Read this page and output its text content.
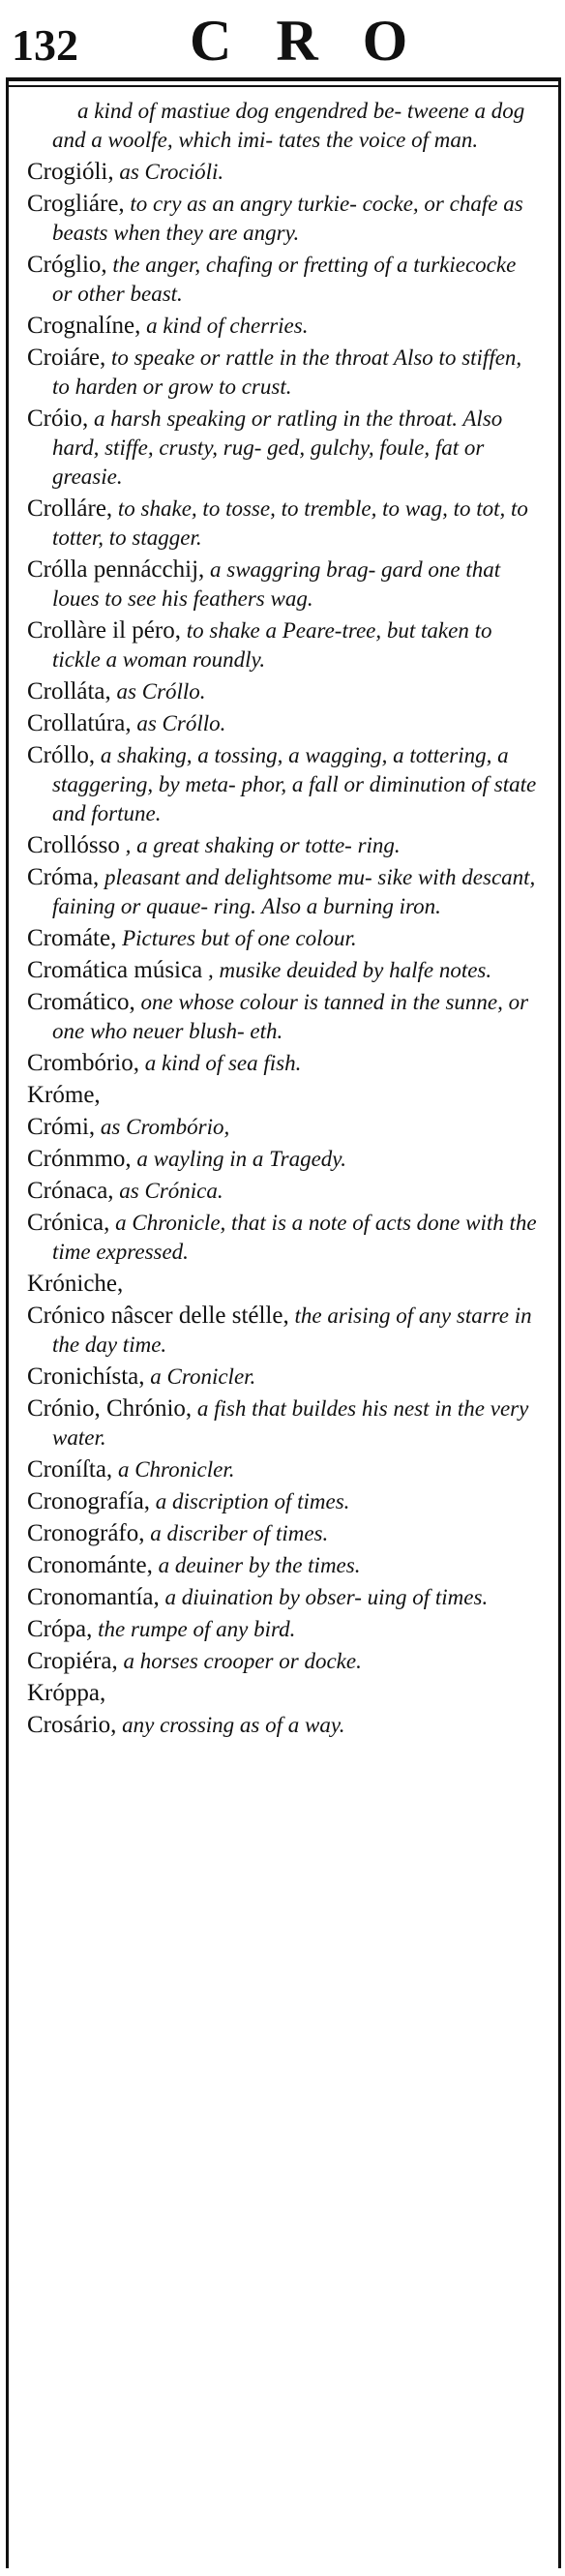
132 CRO
a kind of mastiue dog engendred be- tweene a dog and a woolfe, which imi- tates the voice of man.
Crogióli, as Crocióli.
Crogliáre, to cry as an angry turkie- cocke, or chafe as beasts when they are angry.
Cróglio, the anger, chafing or fretting of a turkiecocke or other beast.
Crognalíne, a kind of cherries.
Croiáre, to speake or rattle in the throat Also to stiffen, to harden or grow to crust.
Cróio, a harsh speaking or ratling in the throat. Also hard, stiffe, crusty, rug- ged, gulchy, foule, fat or greasie.
Crolláre, to shake, to tosse, to tremble, to wag, to tot, to totter, to stagger.
Crólla pennácchij, a swaggring brag- gard one that loues to see his feathers wag.
Crollàre il péro, to shake a Peare-tree, but taken to tickle a woman roundly.
Crolláta, as Cróllo.
Crollatúra, as Cróllo.
Cróllo, a shaking, a tossing, a wagging, a tottering, a staggering, by meta- phor, a fall or diminution of state and fortune.
Crollósso , a great shaking or totte- ring.
Cróma, pleasant and delightsome mu- sike with descant, faining or quaue- ring. Also a burning iron.
Cromáte, Pictures but of one colour.
Cromática música , musike deuided by halfe notes.
Cromático, one whose colour is tanned in the sunne, or one who neuer blush- eth.
Crombório, a kind of sea fish.
Króme,
Crómi, as Crombório,
Crónmmo, a wayling in a Tragedy.
Crónaca, as Crónica.
Crónica, a Chronicle, that is a note of acts done with the time expressed.
Króniche,
Crónico nâscer delle stélle, the arising of any starre in the day time.
Cronichísta, a Cronicler.
Crónio, Chrónio, a fish that buildes his nest in the very water.
Croníſta, a Chronicler.
Cronografía, a discription of times.
Cronográfo, a discriber of times.
Cronománte, a deuiner by the times.
Cronomantía, a diuination by obser- uing of times.
Crópa, the rumpe of any bird.
Cropiéra, a horses crooper or docke.
Króppa,
Crosário, any crossing as of a way.
